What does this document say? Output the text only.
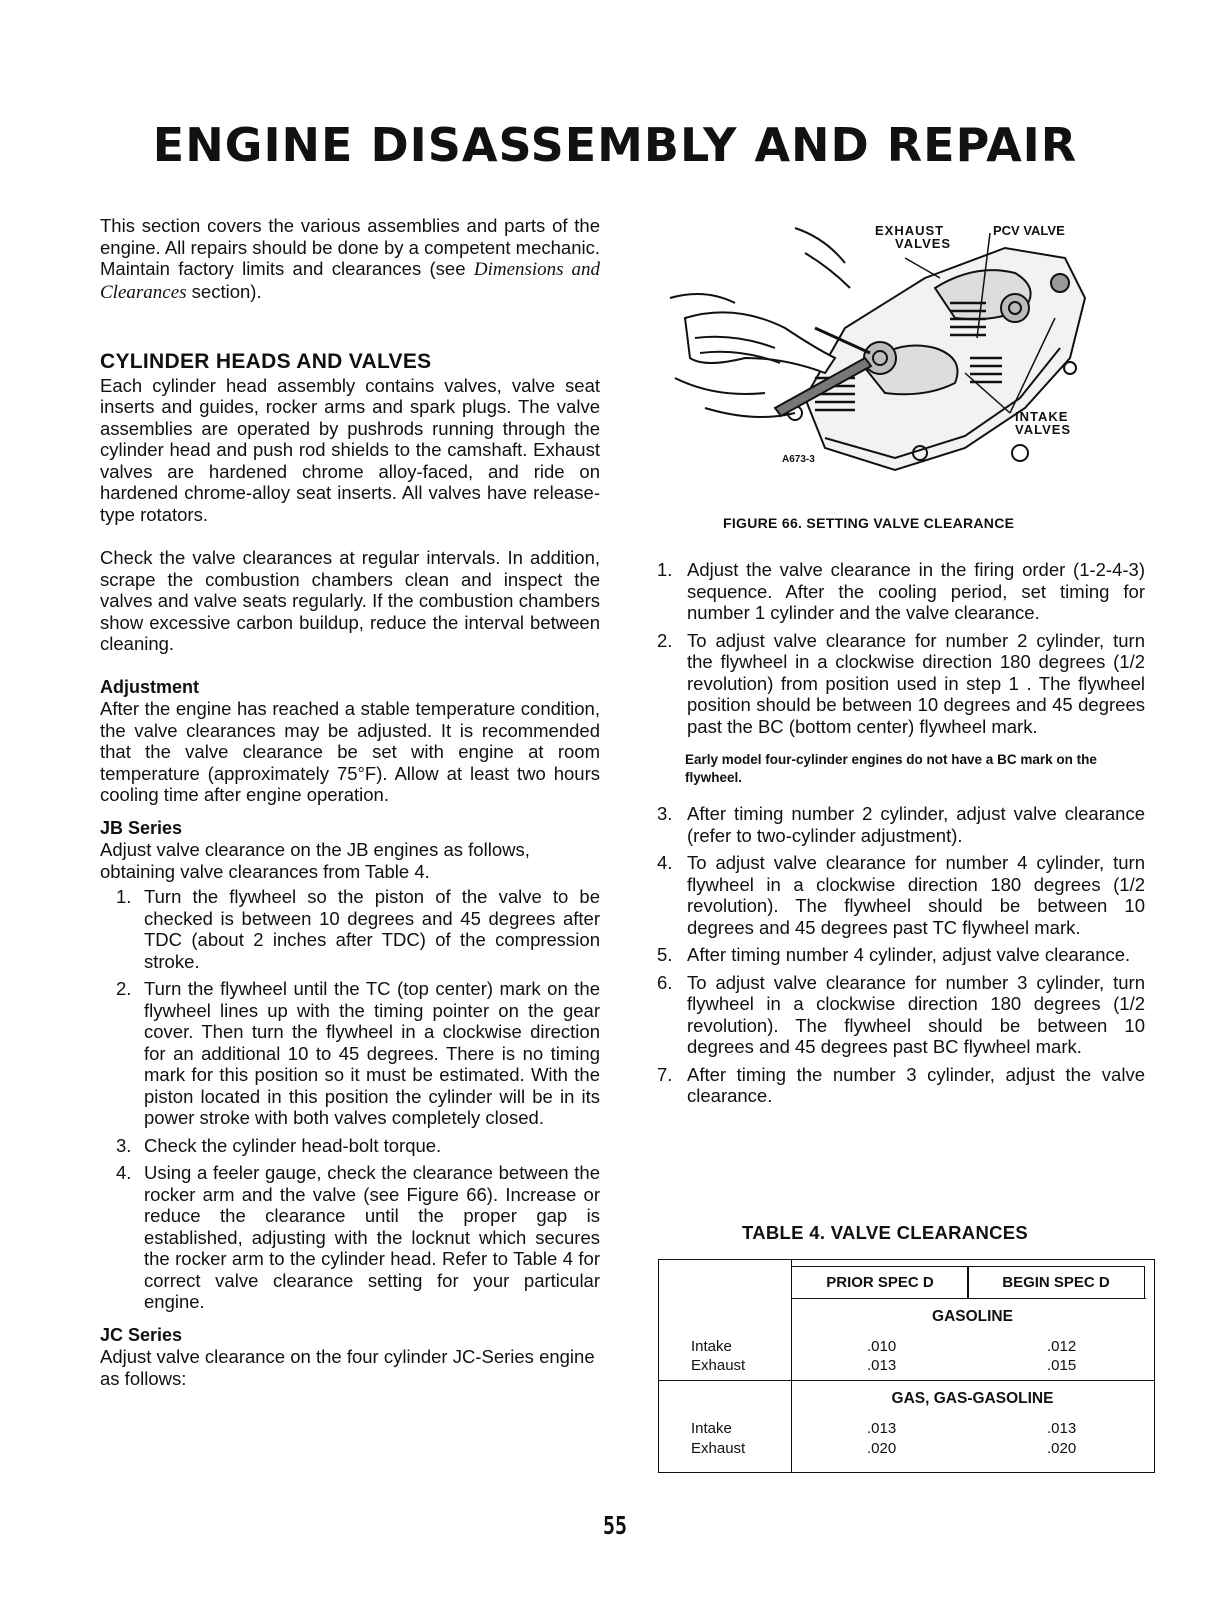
ENGINE DISASSEMBLY AND REPAIR

This section covers the various assemblies and parts of the engine. All repairs should be done by a competent mechanic. Maintain factory limits and clearances (see Dimensions and Clearances section).

CYLINDER HEADS AND VALVES

Each cylinder head assembly contains valves, valve seat inserts and guides, rocker arms and spark plugs. The valve assemblies are operated by pushrods running through the cylinder head and push rod shields to the camshaft. Exhaust valves are hardened chrome alloy-faced, and ride on hardened chrome-alloy seat inserts. All valves have release-type rotators.

Check the valve clearances at regular intervals. In addition, scrape the combustion chambers clean and inspect the valves and valve seats regularly. If the combustion chambers show excessive carbon buildup, reduce the interval between cleaning.

Adjustment

After the engine has reached a stable temperature condition, the valve clearances may be adjusted. It is recommended that the valve clearance be set with engine at room temperature (approximately 75°F). Allow at least two hours cooling time after engine operation.

JB Series

Adjust valve clearance on the JB engines as follows, obtaining valve clearances from Table 4.

1. Turn the flywheel so the piston of the valve to be checked is between 10 degrees and 45 degrees after TDC (about 2 inches after TDC) of the compression stroke.
2. Turn the flywheel until the TC (top center) mark on the flywheel lines up with the timing pointer on the gear cover. Then turn the flywheel in a clockwise direction for an additional 10 to 45 degrees. There is no timing mark for this position so it must be estimated. With the piston located in this position the cylinder will be in its power stroke with both valves completely closed.
3. Check the cylinder head-bolt torque.
4. Using a feeler gauge, check the clearance between the rocker arm and the valve (see Figure 66). Increase or reduce the clearance until the proper gap is established, adjusting with the locknut which secures the rocker arm to the cylinder head. Refer to Table 4 for correct valve clearance setting for your particular engine.
JC Series

Adjust valve clearance on the four cylinder JC-Series engine as follows:

EXHAUST
VALVES
PCV VALVE
INTAKE
VALVES
A673-3
FIGURE 66. SETTING VALVE CLEARANCE
1. Adjust the valve clearance in the firing order (1-2-4-3) sequence. After the cooling period, set timing for number 1 cylinder and the valve clearance.
2. To adjust valve clearance for number 2 cylinder, turn the flywheel in a clockwise direction 180 degrees (1/2 revolution) from position used in step 1 . The flywheel position should be between 10 degrees and 45 degrees past the BC (bottom center) flywheel mark.

Early model four-cylinder engines do not have a BC mark on the flywheel.

3. After timing number 2 cylinder, adjust valve clearance (refer to two-cylinder adjustment).
4. To adjust valve clearance for number 4 cylinder, turn flywheel in a clockwise direction 180 degrees (1/2 revolution). The flywheel should be between 10 degrees and 45 degrees past TC flywheel mark.
5. After timing number 4 cylinder, adjust valve clearance.
6. To adjust valve clearance for number 3 cylinder, turn flywheel in a clockwise direction 180 degrees (1/2 revolution). The flywheel should be between 10 degrees and 45 degrees past BC flywheel mark.
7. After timing the number 3 cylinder, adjust the valve clearance.
TABLE 4. VALVE CLEARANCES
PRIOR SPEC D	BEGIN SPEC D
GASOLINE
Intake	.010	.012
Exhaust	.013	.015
GAS, GAS-GASOLINE
Intake	.013	.013
Exhaust	.020	.020
55
